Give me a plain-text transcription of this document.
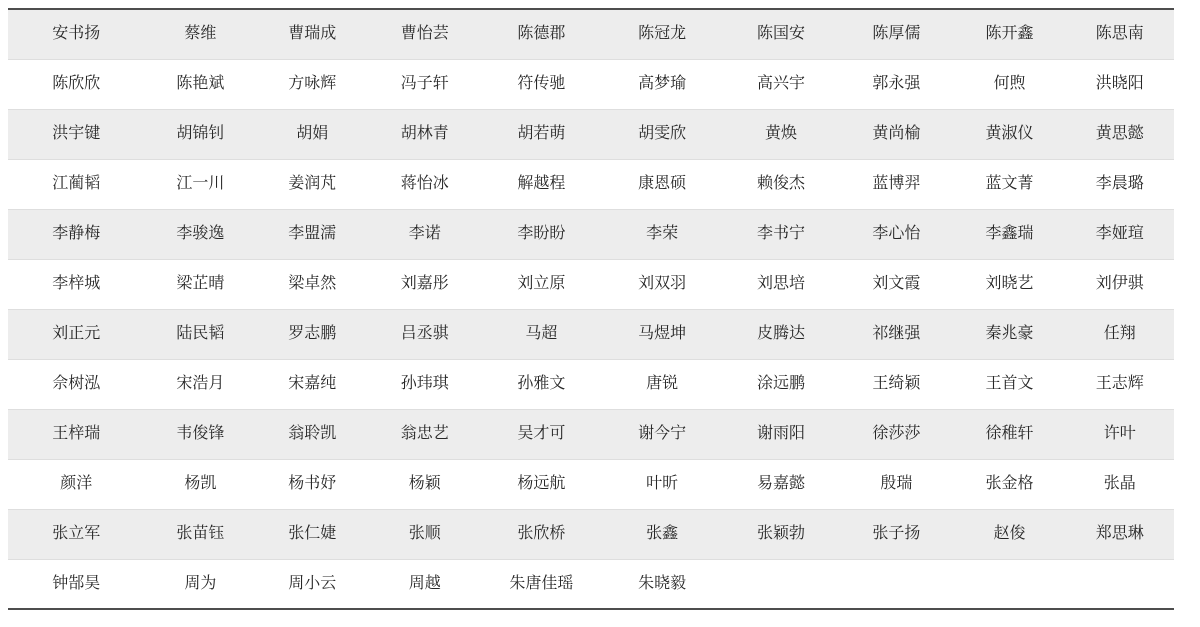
安书扬	蔡维	曹瑞成	曹怡芸	陈德郡	陈冠龙	陈国安	陈厚儒	陈开鑫	陈思南
陈欣欣	陈艳斌	方咏辉	冯子轩	符传驰	高梦瑜	高兴宇	郭永强	何煦	洪晓阳
洪宇键	胡锦钊	胡娟	胡林青	胡若萌	胡雯欣	黄焕	黄尚榆	黄淑仪	黄思懿
江蔺韬	江一川	姜润芃	蒋怡冰	解越程	康恩硕	赖俊杰	蓝博羿	蓝文菁	李晨璐
李静梅	李骏逸	李盟濡	李诺	李盼盼	李荣	李书宁	李心怡	李鑫瑞	李娅瑄
李梓城	梁芷晴	梁卓然	刘嘉彤	刘立原	刘双羽	刘思培	刘文霞	刘晓艺	刘伊骐
刘正元	陆民韬	罗志鹏	吕丞骐	马超	马煜坤	皮腾达	祁继强	秦兆豪	任翔
佘树泓	宋浩月	宋嘉纯	孙玮琪	孙雅文	唐锐	涂远鹏	王绮颖	王首文	王志辉
王梓瑞	韦俊锋	翁聆凯	翁忠艺	吴才可	谢今宁	谢雨阳	徐莎莎	徐稚轩	许叶
颜洋	杨凯	杨书妤	杨颖	杨远航	叶昕	易嘉懿	殷瑞	张金格	张晶
张立军	张苗钰	张仁婕	张顺	张欣桥	张鑫	张颖勃	张子扬	赵俊	郑思琳
钟郜昊	周为	周小云	周越	朱唐佳瑶	朱晓毅				
